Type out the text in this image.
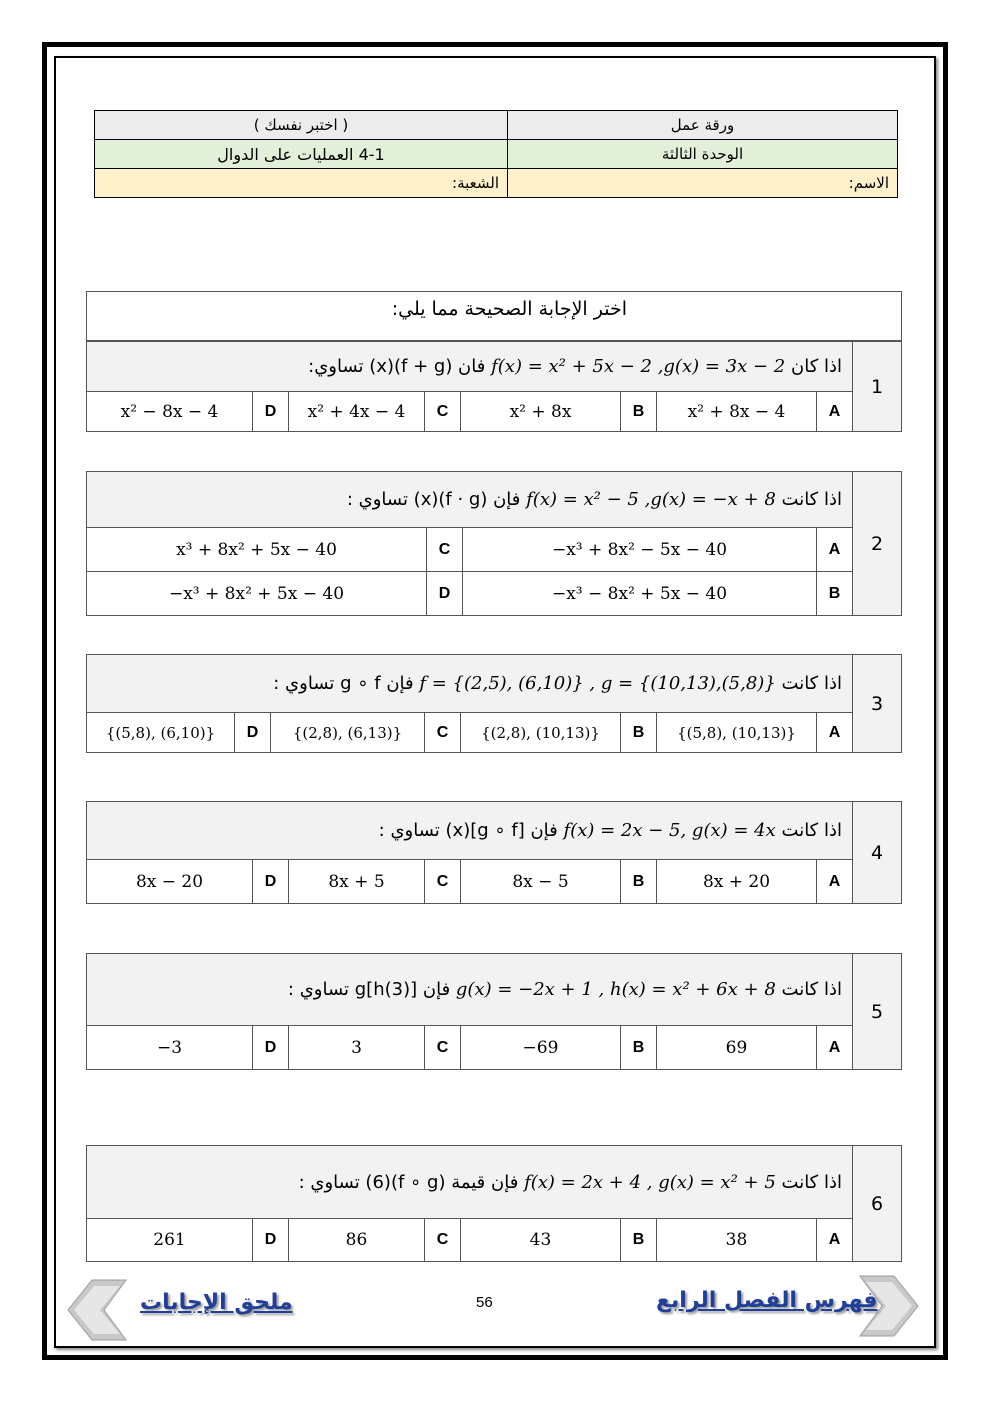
ورقة عمل	( اختبر نفسك )
الوحدة الثالثة	4-1 العمليات على الدوال
الاسم:	الشعبة:
اختر الإجابة الصحيحة مما يلي:
1	اذا كان f(x) = x² + 5x − 2 ,g(x) = 3x − 2 فان (f + g)(x) تساوي:							
	A	x² + 8x − 4	B	x² + 8x	C	x² + 4x − 4	D	x² − 8x − 4
2	اذا كانت f(x) = x² − 5 ,g(x) = −x + 8 فإن (f · g)(x) تساوي :			
	A	−x³ + 8x² − 5x − 40	C	x³ + 8x² + 5x − 40
	B	−x³ − 8x² + 5x − 40	D	−x³ + 8x² + 5x − 40
3	اذا كانت f = {(2,5), (6,10)} , g = {(10,13),(5,8)} فإن g ∘ f تساوي :							
	A	{(5,8), (10,13)}	B	{(2,8), (10,13)}	C	{(2,8), (6,13)}	D	{(5,8), (6,10)}
4	اذا كانت f(x) = 2x − 5, g(x) = 4x فإن [g ∘ f](x) تساوي :							
	A	8x + 20	B	8x − 5	C	8x + 5	D	8x − 20
5	اذا كانت g(x) = −2x + 1 , h(x) = x² + 6x + 8 فإن g[h(3)] تساوي :							
	A	69	B	−69	C	3	D	−3
6	اذا كانت f(x) = 2x + 4 , g(x) = x² + 5 فإن قيمة (f ∘ g)(6) تساوي :							
	A	38	B	43	C	86	D	261
فهرس الفصل الرابع
ملحق الإجابات	56
